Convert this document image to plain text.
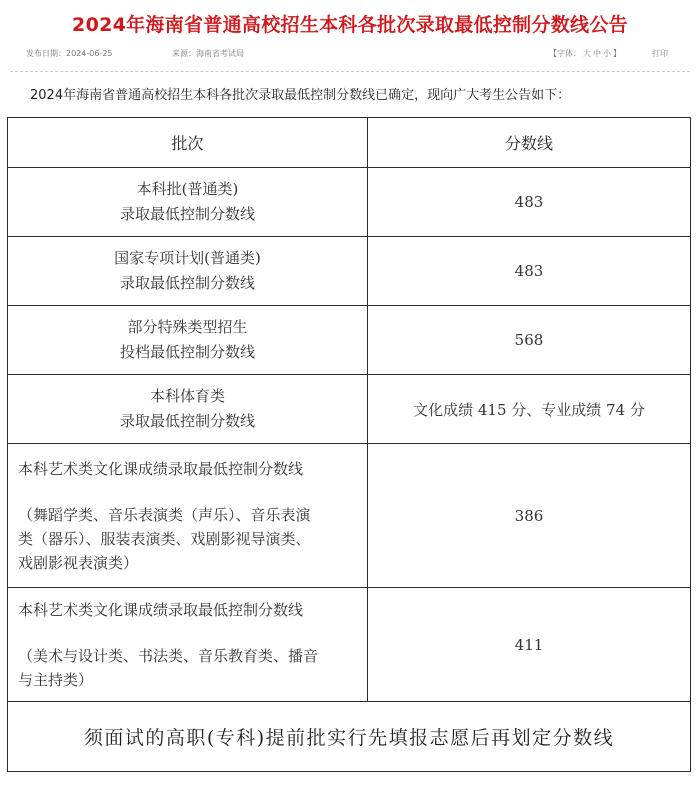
2024年海南省普通高校招生本科各批次录取最低控制分数线公告
发布日期：2024-06-25	来源：海南省考试局	【字体： 大 中 小 】	打印
2024年海南省普通高校招生本科各批次录取最低控制分数线已确定，现向广大考生公告如下：
批次	分数线

本科批(普通类)
录取最低控制分数线	483

国家专项计划(普通类)
录取最低控制分数线	483

部分特殊类型招生
投档最低控制分数线	568

本科体育类
录取最低控制分数线	文化成绩 415 分、专业成绩 74 分

本科艺术类文化课成绩录取最低控制分数线
（舞蹈学类、音乐表演类（声乐）、音乐表演
类（器乐）、服装表演类、戏剧影视导演类、
戏剧影视表演类）	386

本科艺术类文化课成绩录取最低控制分数线
（美术与设计类、书法类、音乐教育类、播音
与主持类）	411
须面试的高职(专科)提前批实行先填报志愿后再划定分数线	
